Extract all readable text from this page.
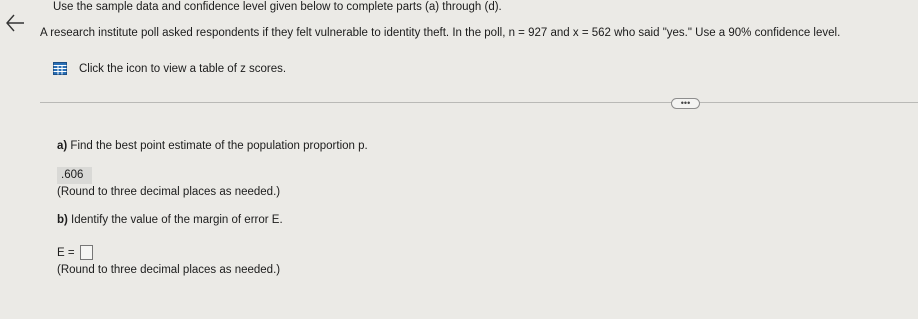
Use the sample data and confidence level given below to complete parts (a) through (d).
A research institute poll asked respondents if they felt vulnerable to identity theft. In the poll, n = 927 and x = 562 who said "yes." Use a 90% confidence level.
Click the icon to view a table of z scores.
•••
a) Find the best point estimate of the population proportion p.
.606
(Round to three decimal places as needed.)
b) Identify the value of the margin of error E.
E =
(Round to three decimal places as needed.)
